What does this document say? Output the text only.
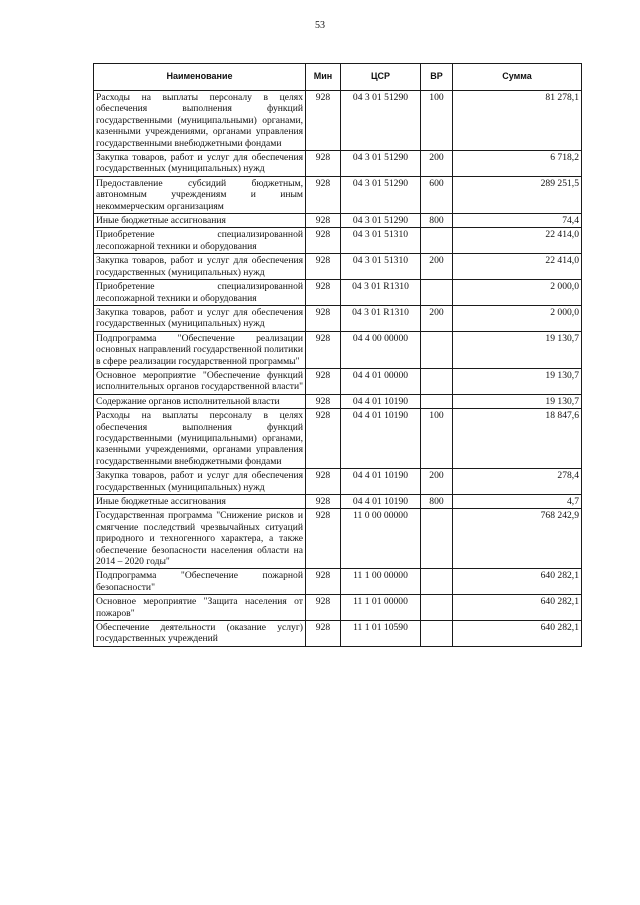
53
Наименование	Мин	ЦСР	ВР	Сумма
Расходы на выплаты персоналу в целях обеспечения выполнения функций государственными (муниципальными) органами, казенными учреждениями, органами управления государственными внебюджетными фондами	928	04 3 01 51290	100	81 278,1
Закупка товаров, работ и услуг для обеспечения государственных (муниципальных) нужд	928	04 3 01 51290	200	6 718,2
Предоставление субсидий бюджетным, автономным учреждениям и иным некоммерческим организациям	928	04 3 01 51290	600	289 251,5
Иные бюджетные ассигнования	928	04 3 01 51290	800	74,4
Приобретение специализированной лесопожарной техники и оборудования	928	04 3 01 51310		22 414,0
Закупка товаров, работ и услуг для обеспечения государственных (муниципальных) нужд	928	04 3 01 51310	200	22 414,0
Приобретение специализированной лесопожарной техники и оборудования	928	04 3 01 R1310		2 000,0
Закупка товаров, работ и услуг для обеспечения государственных (муниципальных) нужд	928	04 3 01 R1310	200	2 000,0
Подпрограмма "Обеспечение реализации основных направлений государственной политики в сфере реализации государственной программы"	928	04 4 00 00000		19 130,7
Основное мероприятие "Обеспечение функций исполнительных органов государственной власти"	928	04 4 01 00000		19 130,7
Содержание органов исполнительной власти	928	04 4 01 10190		19 130,7
Расходы на выплаты персоналу в целях обеспечения выполнения функций государственными (муниципальными) органами, казенными учреждениями, органами управления государственными внебюджетными фондами	928	04 4 01 10190	100	18 847,6
Закупка товаров, работ и услуг для обеспечения государственных (муниципальных) нужд	928	04 4 01 10190	200	278,4
Иные бюджетные ассигнования	928	04 4 01 10190	800	4,7
Государственная программа "Снижение рисков и смягчение последствий чрезвычайных ситуаций природного и техногенного характера, а также обеспечение безопасности населения области на 2014 – 2020 годы"	928	11 0 00 00000		768 242,9
Подпрограмма "Обеспечение пожарной безопасности"	928	11 1 00 00000		640 282,1
Основное мероприятие "Защита населения от пожаров"	928	11 1 01 00000		640 282,1
Обеспечение деятельности (оказание услуг) государственных учреждений	928	11 1 01 10590		640 282,1
